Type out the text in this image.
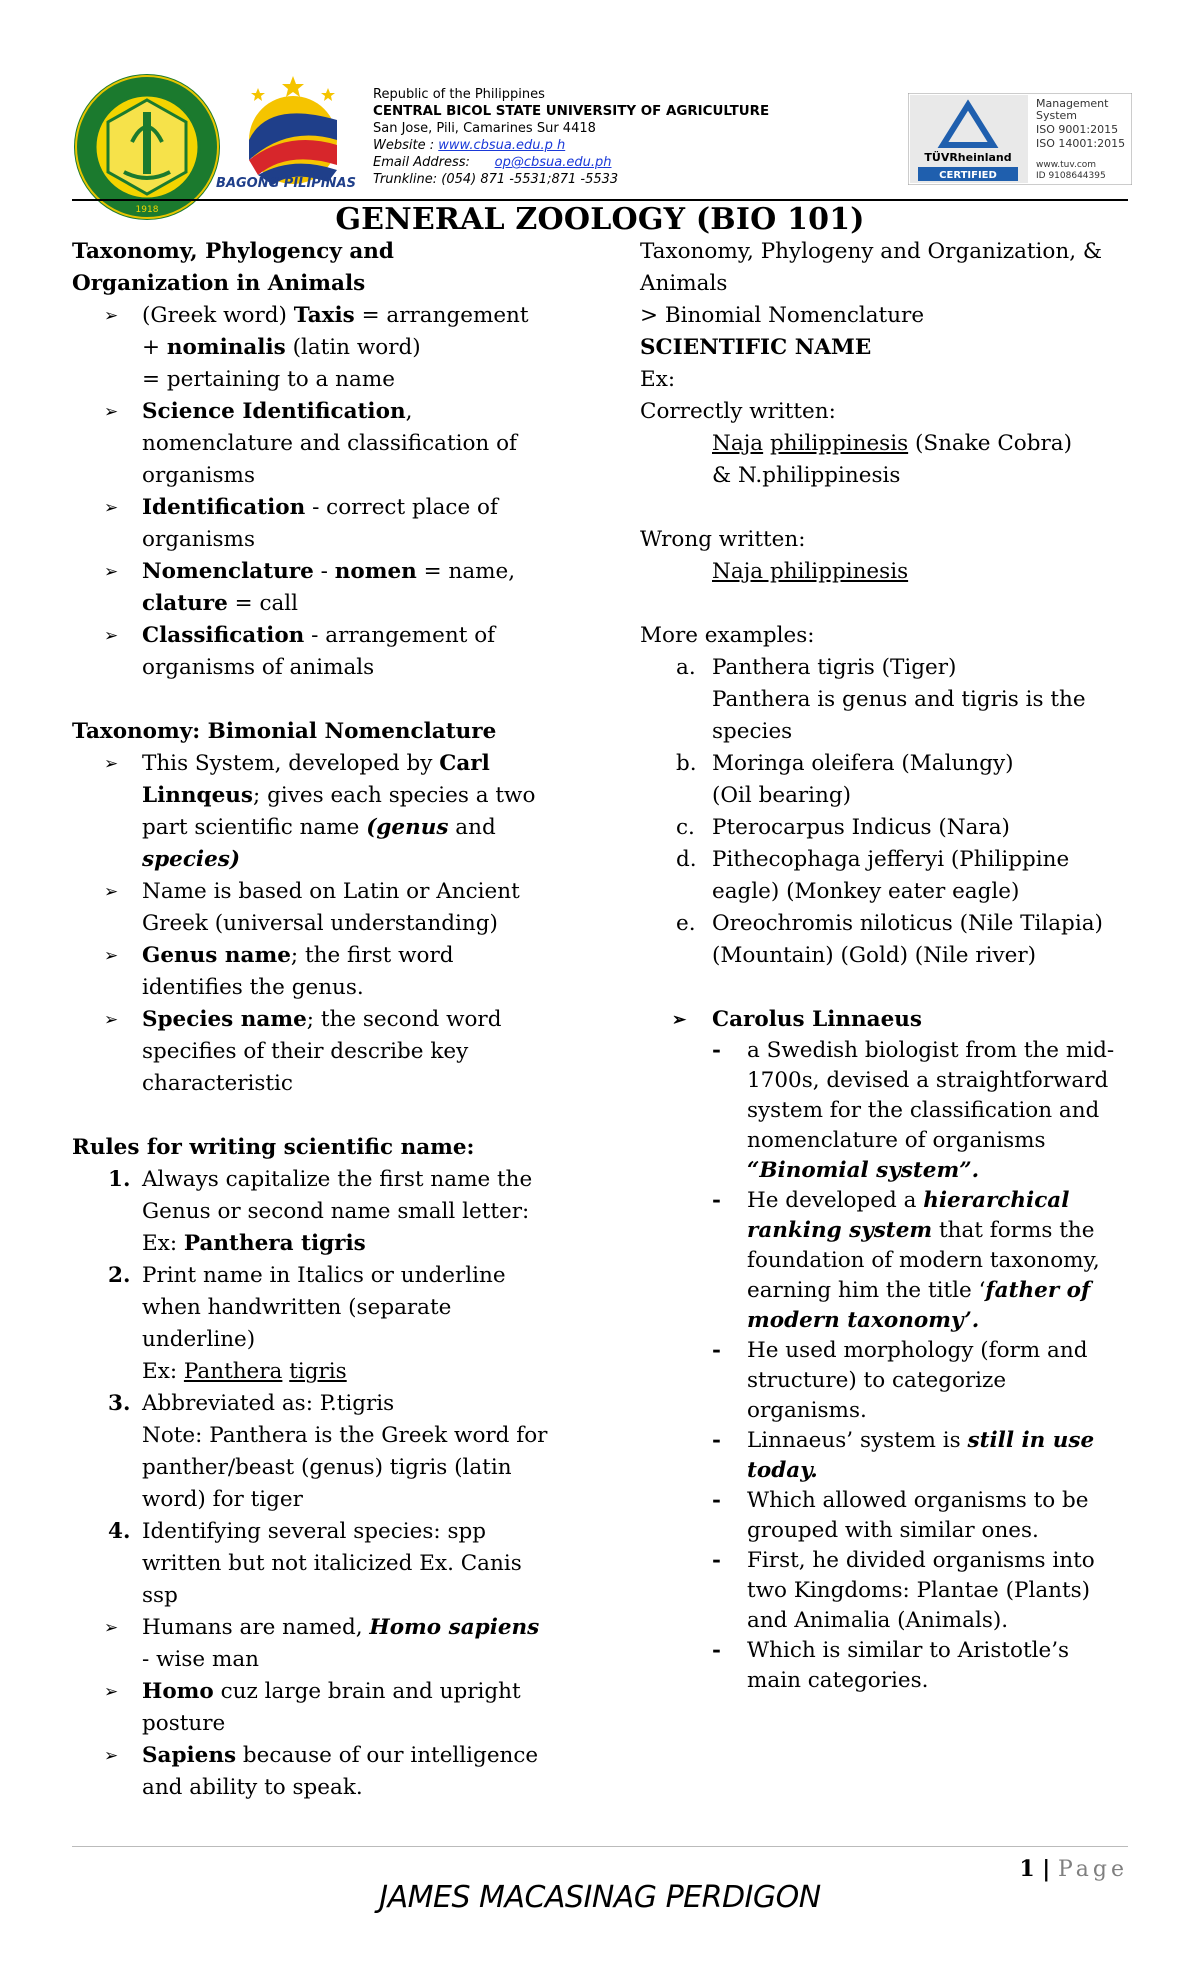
1918
BAGONG PILIPINAS
Republic of the Philippines
CENTRAL BICOL STATE UNIVERSITY OF AGRICULTURE
San Jose, Pili, Camarines Sur 4418
Website : www.cbsua.edu.p h
Email Address: op@cbsua.edu.ph
Trunkline: (054) 871 -5531;871 -5533
TÜVRheinland
CERTIFIED
Management
System
ISO 9001:2015
ISO 14001:2015
www.tuv.com
ID 9108644395
GENERAL ZOOLOGY (BIO 101)
Taxonomy, Phylogency and
Organization in Animals
➢ (Greek word) Taxis = arrangement
+ nominalis (latin word)
= pertaining to a name
➢ Science Identification,
nomenclature and classification of
organisms
➢ Identification - correct place of
organisms
➢ Nomenclature - nomen = name,
clature = call
➢ Classification - arrangement of
organisms of animals
Taxonomy: Bimonial Nomenclature
➢ This System, developed by Carl
Linnqeus; gives each species a two
part scientific name (genus and
species)
➢ Name is based on Latin or Ancient
Greek (universal understanding)
➢ Genus name; the first word
identifies the genus.
➢ Species name; the second word
specifies of their describe key
characteristic
Rules for writing scientific name:
1. Always capitalize the first name the
Genus or second name small letter:
Ex: Panthera tigris
2. Print name in Italics or underline
when handwritten (separate
underline)
Ex: Panthera tigris
3. Abbreviated as: P.tigris
Note: Panthera is the Greek word for
panther/beast (genus) tigris (latin
word) for tiger
4. Identifying several species: spp
written but not italicized Ex. Canis
ssp
➢ Humans are named, Homo sapiens
- wise man
➢ Homo cuz large brain and upright
posture
➢ Sapiens because of our intelligence
and ability to speak.
Taxonomy, Phylogeny and Organization, &
Animals
> Binomial Nomenclature
SCIENTIFIC NAME
Ex:
Correctly written:
Naja philippinesis (Snake Cobra)
& N.philippinesis
Wrong written:
Naja philippinesis
More examples:
a. Panthera tigris (Tiger)
Panthera is genus and tigris is the
species
b. Moringa oleifera (Malungy)
(Oil bearing)
c. Pterocarpus Indicus (Nara)
d. Pithecophaga jefferyi (Philippine
eagle) (Monkey eater eagle)
e. Oreochromis niloticus (Nile Tilapia)
(Mountain) (Gold) (Nile river)
➢ Carolus Linnaeus
- a Swedish biologist from the mid-
1700s, devised a straightforward
system for the classification and
nomenclature of organisms
“Binomial system”.
- He developed a hierarchical
ranking system that forms the
foundation of modern taxonomy,
earning him the title ‘father of
modern taxonomy’.
- He used morphology (form and
structure) to categorize
organisms.
- Linnaeus’ system is still in use
today.
- Which allowed organisms to be
grouped with similar ones.
- First, he divided organisms into
two Kingdoms: Plantae (Plants)
and Animalia (Animals).
- Which is similar to Aristotle’s
main categories.
1 | Page
JAMES MACASINAG PERDIGON
